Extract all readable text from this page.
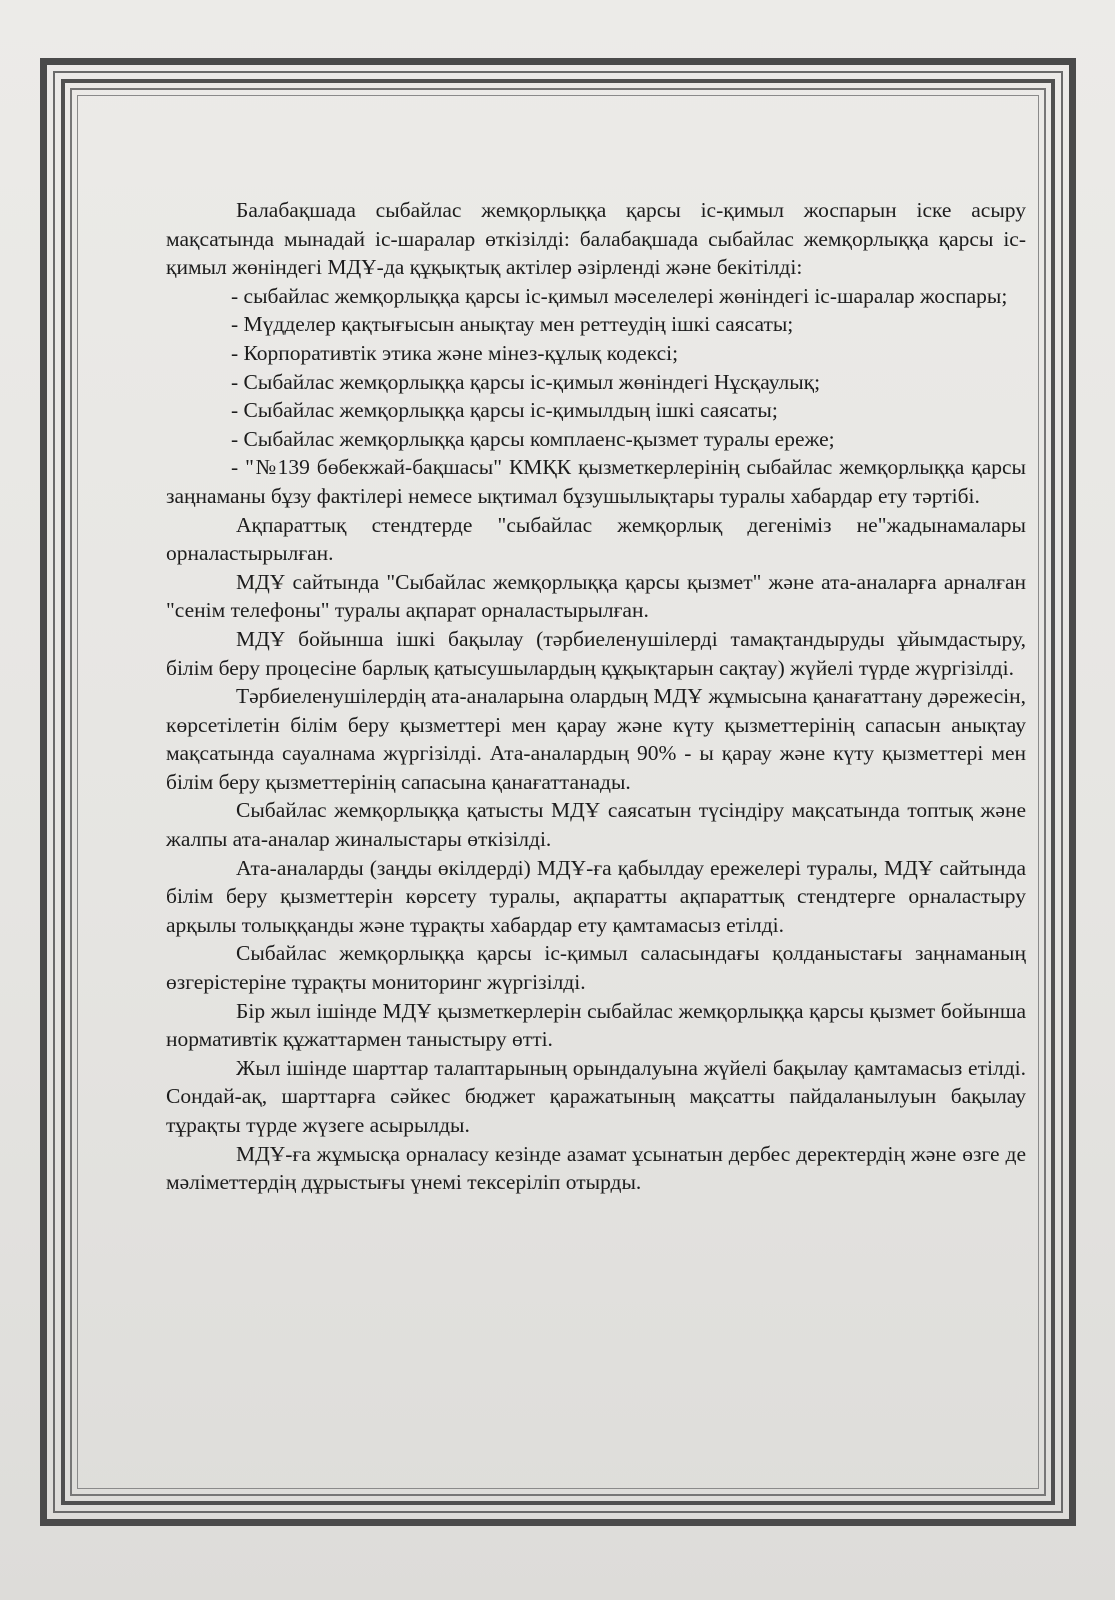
Балабақшада сыбайлас жемқорлыққа қарсы іс-қимыл жоспарын іске асыру мақсатында мынадай іс-шаралар өткізілді: балабақшада сыбайлас жемқорлыққа қарсы іс-қимыл жөніндегі МДҰ-да құқықтық актілер әзірленді және бекітілді:

- сыбайлас жемқорлыққа қарсы іс-қимыл мәселелері жөніндегі іс-шаралар жоспары;
- Мүдделер қақтығысын анықтау мен реттеудің ішкі саясаты;
- Корпоративтік этика және мінез-құлық кодексі;
- Сыбайлас жемқорлыққа қарсы іс-қимыл жөніндегі Нұсқаулық;
- Сыбайлас жемқорлыққа қарсы іс-қимылдың ішкі саясаты;
- Сыбайлас жемқорлыққа қарсы комплаенс-қызмет туралы ереже;
- "№139 бөбекжай-бақшасы" КМҚК қызметкерлерінің сыбайлас жемқорлыққа қарсы заңнаманы бұзу фактілері немесе ықтимал бұзушылықтары туралы хабардар ету тәртібі.

Ақпараттық стендтерде "сыбайлас жемқорлық дегеніміз не"жадынамалары орналастырылған.

МДҰ сайтында "Сыбайлас жемқорлыққа қарсы қызмет" және ата-аналарға арналған "сенім телефоны" туралы ақпарат орналастырылған.

МДҰ бойынша ішкі бақылау (тәрбиеленушілерді тамақтандыруды ұйымдастыру, білім беру процесіне барлық қатысушылардың құқықтарын сақтау) жүйелі түрде жүргізілді.

Тәрбиеленушілердің ата-аналарына олардың МДҰ жұмысына қанағаттану дәрежесін, көрсетілетін білім беру қызметтері мен қарау және күту қызметтерінің сапасын анықтау мақсатында сауалнама жүргізілді. Ата-аналардың 90% - ы қарау және күту қызметтері мен білім беру қызметтерінің сапасына қанағаттанады.

Сыбайлас жемқорлыққа қатысты МДҰ саясатын түсіндіру мақсатында топтық және жалпы ата-аналар жиналыстары өткізілді.

Ата-аналарды (заңды өкілдерді) МДҰ-ға қабылдау ережелері туралы, МДҰ сайтында білім беру қызметтерін көрсету туралы, ақпаратты ақпараттық стендтерге орналастыру арқылы толыққанды және тұрақты хабардар ету қамтамасыз етілді.

Сыбайлас жемқорлыққа қарсы іс-қимыл саласындағы қолданыстағы заңнаманың өзгерістеріне тұрақты мониторинг жүргізілді.

Бір жыл ішінде МДҰ қызметкерлерін сыбайлас жемқорлыққа қарсы қызмет бойынша нормативтік құжаттармен таныстыру өтті.

Жыл ішінде шарттар талаптарының орындалуына жүйелі бақылау қамтамасыз етілді. Сондай-ақ, шарттарға сәйкес бюджет қаражатының мақсатты пайдаланылуын бақылау тұрақты түрде жүзеге асырылды.

МДҰ-ға жұмысқа орналасу кезінде азамат ұсынатын дербес деректердің және өзге де мәліметтердің дұрыстығы үнемі тексеріліп отырды.
